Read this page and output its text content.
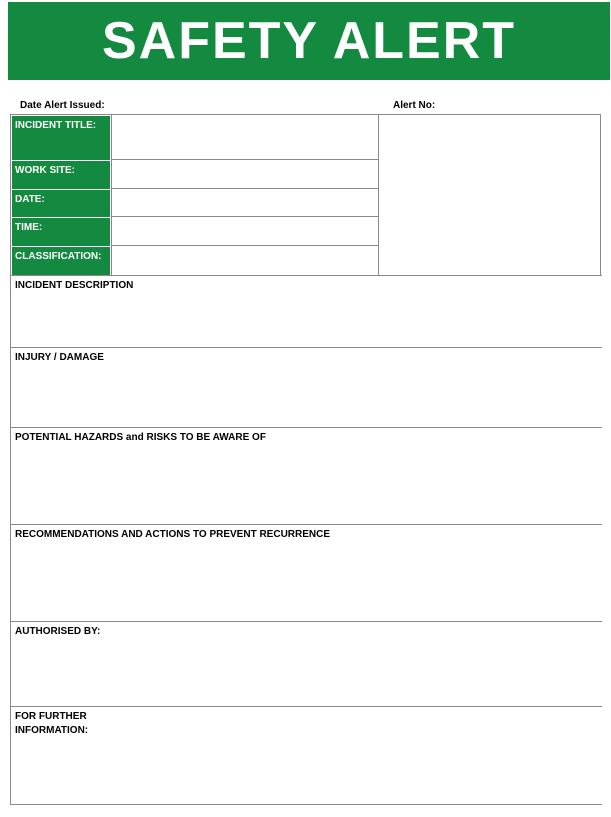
SAFETY ALERT
Date Alert Issued:	Alert No:
INCIDENT TITLE:
WORK SITE:
DATE:
TIME:
CLASSIFICATION:
INCIDENT DESCRIPTION
INJURY / DAMAGE
POTENTIAL HAZARDS and RISKS TO BE AWARE OF
RECOMMENDATIONS AND ACTIONS TO PREVENT RECURRENCE
AUTHORISED BY:
FOR FURTHER
INFORMATION:
